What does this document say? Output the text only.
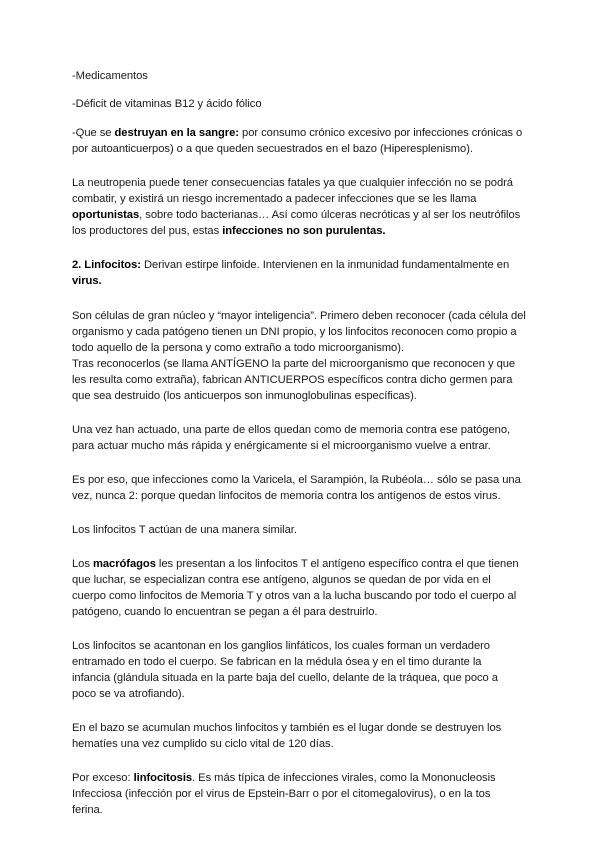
-Medicamentos

-Déficit de vitaminas B12 y ácido fólico

-Que se destruyan en la sangre: por consumo crónico excesivo por infecciones crónicas o
por autoanticuerpos) o a que queden secuestrados en el bazo (Hiperesplenismo).

La neutropenia puede tener consecuencias fatales ya que cualquier infección no se podrá
combatir, y existirá un riesgo incrementado a padecer infecciones que se les llama
oportunistas, sobre todo bacterianas… Así como úlceras necróticas y al ser los neutrófilos
los productores del pus, estas infecciones no son purulentas.

2. Linfocitos: Derivan estirpe linfoide. Intervienen en la inmunidad fundamentalmente en
virus.

Son células de gran núcleo y “mayor inteligencia”. Primero deben reconocer (cada célula del
organismo y cada patógeno tienen un DNI propio, y los linfocitos reconocen como propio a
todo aquello de la persona y como extraño a todo microorganismo).
Tras reconocerlos (se llama ANTÍGENO la parte del microorganismo que reconocen y que
les resulta como extraña), fabrican ANTICUERPOS específicos contra dicho germen para
que sea destruido (los anticuerpos son inmunoglobulinas específicas).

Una vez han actuado, una parte de ellos quedan como de memoria contra ese patógeno,
para actuar mucho más rápida y enérgicamente si el microorganismo vuelve a entrar.

Es por eso, que infecciones como la Varicela, el Sarampión, la Rubéola… sólo se pasa una
vez, nunca 2: porque quedan linfocitos de memoria contra los antígenos de estos virus.

Los linfocitos T actúan de una manera similar.

Los macrófagos les presentan a los linfocitos T el antígeno específico contra el que tienen
que luchar, se especializan contra ese antígeno, algunos se quedan de por vida en el
cuerpo como linfocitos de Memoria T y otros van a la lucha buscando por todo el cuerpo al
patógeno, cuando lo encuentran se pegan a él para destruirlo.

Los linfocitos se acantonan en los ganglios linfáticos, los cuales forman un verdadero
entramado en todo el cuerpo. Se fabrican en la médula ósea y en el timo durante la
infancia (glándula situada en la parte baja del cuello, delante de la tráquea, que poco a
poco se va atrofiando).

En el bazo se acumulan muchos linfocitos y también es el lugar donde se destruyen los
hematíes una vez cumplido su ciclo vital de 120 días.

Por exceso: linfocitosis. Es más típica de infecciones virales, como la Mononucleosis
Infecciosa (infección por el virus de Epstein-Barr o por el citomegalovirus), o en la tos
ferina.
